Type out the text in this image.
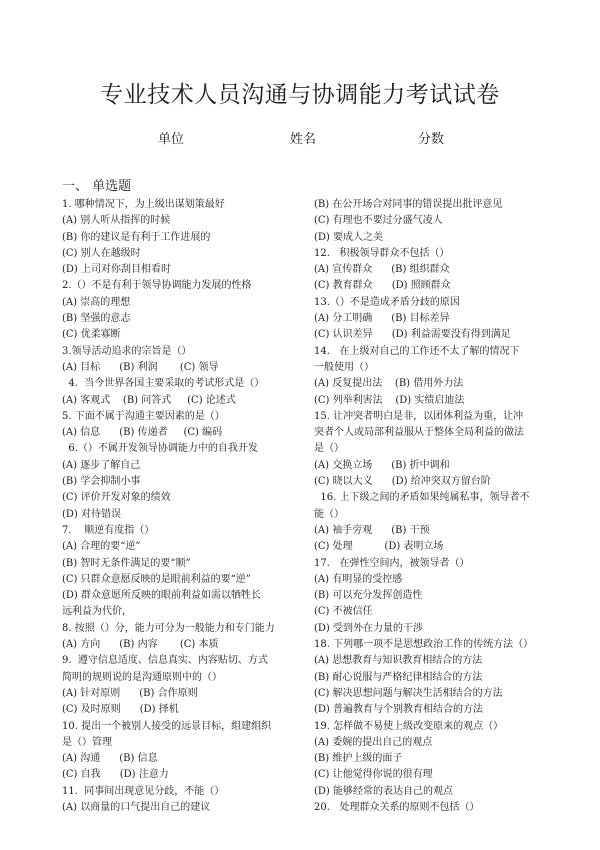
专业技术人员沟通与协调能力考试试卷
单位	姓名	分数
一、 单选题
1. 哪种情况下，为上级出谋划策最好
(A) 别人听从指挥的时候
(B) 你的建议是有利于工作进展的
(C) 别人在越级时
(D) 上司对你刮目相看时
2.（）不是有利于领导协调能力发展的性格
(A) 崇高的理想
(B) 坚强的意志
(C) 优柔寡断
3.领导活动追求的宗旨是（）
(A) 目标      (B) 利润       (C) 领导
4.  当今世界各国主要采取的考试形式是（）
(A) 客观式    (B) 问答式     (C) 论述式
5. 下面不属于沟通主要因素的是（）
(A) 信息      (B) 传递者     (C) 编码
6.（）不属开发领导协调能力中的自我开发
(A) 逐步了解自己
(B) 学会抑制小事
(C) 评价开发对象的绩效
(D) 对待错误
7.    顺逆有度指（）
(A) 合理的要“逆”
(B) 智时无条件满足的要“顺”
(C) 只群众意愿反映的是眼前利益的要“逆”
(D) 群众意愿所反映的眼前利益如需以牺牲长
远利益为代价，
8. 按照（）分，能力可分为一般能力和专门能力
(A) 方向      (B) 内容       (C) 本质
9.  遵守信息适度、信息真实、内容贴切、方式
简明的规则说的是沟通原则中的（）
(A) 针对原则      (B) 合作原则
(C) 及时原则      (D) 择机
10. 提出一个被别人接受的远景目标，组建组织
是（）管理
(A) 沟通      (B) 信息
(C) 自我      (D) 注意力
11.  同事间出现意见分歧，不能（）
(A) 以商量的口气提出自己的建议
(B) 在公开场合对同事的错误提出批评意见
(C) 有理也不要过分盛气凌人
(D) 要成人之美
12.   积极领导群众不包括（）
(A) 宣传群众      (B) 组织群众
(C) 教育群众      (D) 照顾群众
13.（）不是造成矛盾分歧的原因
(A) 分工明确      (B) 目标差异
(C) 认识差异      (D) 利益需要没有得到满足
14.   在上级对自己的工作还不太了解的情况下
一般使用（）
(A) 反复提出法    (B) 借用外力法
(C) 列举利害法    (D) 实绩启迪法
15. 让冲突者明白是非，以团体利益为重，让冲
突者个人或局部利益服从于整体全局利益的做法
是（）
(A) 交换立场      (B) 折中调和
(C) 晓以大义      (D) 给冲突双方留台阶
16. 上下级之间的矛盾如果纯属私事，领导者不
能（）
(A) 袖手旁观      (B) 干预
(C) 处理          (D) 表明立场
17.   在弹性空间内，被领导者（）
(A) 有明显的受控感
(B) 可以充分发挥创造性
(C) 不被信任
(D) 受到外在力量的干涉
18. 下列哪一项不是思想政治工作的传统方法（）
(A) 思想教育与知识教育相结合的方法
(B) 耐心说服与严格纪律相结合的方法
(C) 解决思想问题与解决生活相结合的方法
(D) 普遍教育与个别教育相结合的方法
19. 怎样做不易使上级改变原来的观点（）
(A) 委婉的提出自己的观点
(B) 维护上级的面子
(C) 让他觉得你说的很有理
(D) 能够经常的表达自己的观点
20.   处理群众关系的原则不包括（）
